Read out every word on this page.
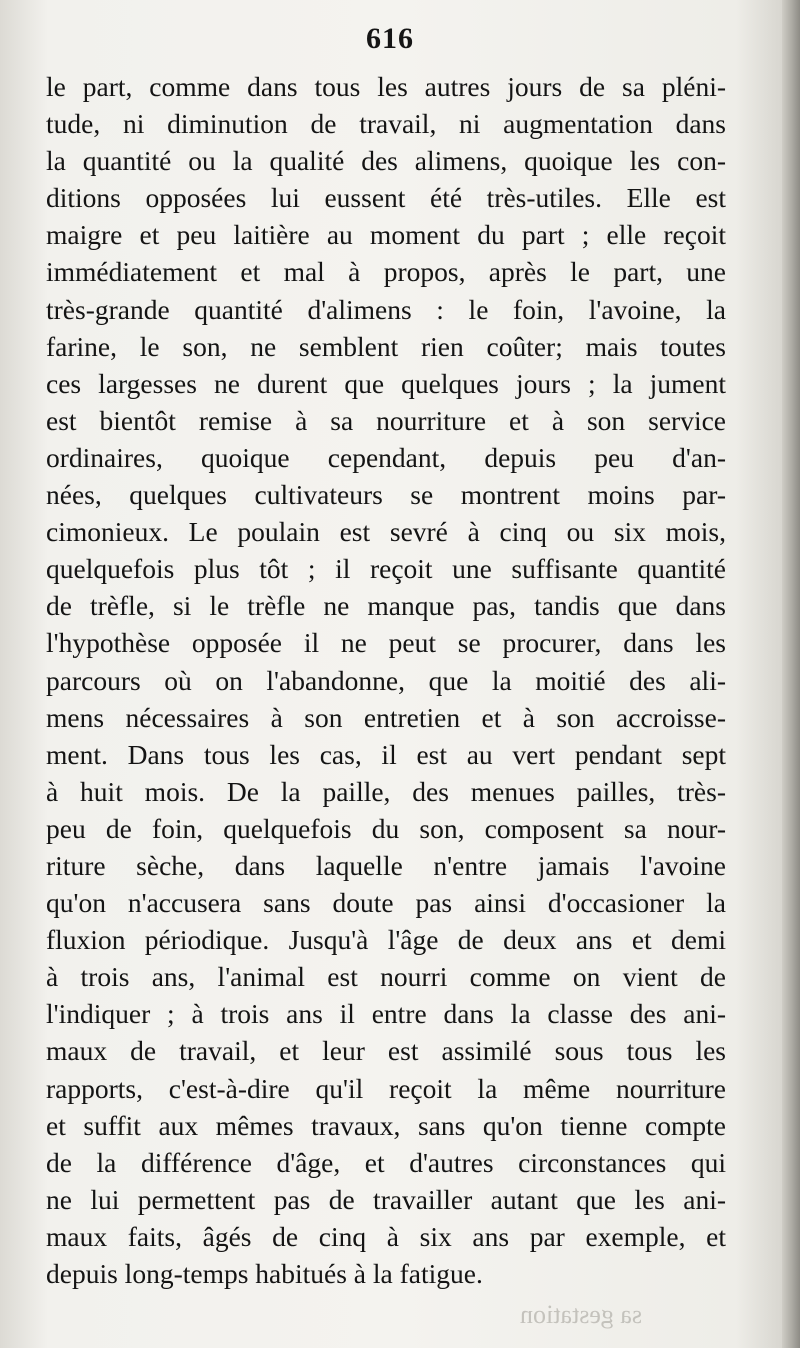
616
le part, comme dans tous les autres jours de sa pléni-
tude, ni diminution de travail, ni augmentation dans
la quantité ou la qualité des alimens, quoique les con-
ditions opposées lui eussent été très-utiles. Elle est
maigre et peu laitière au moment du part ; elle reçoit
immédiatement et mal à propos, après le part, une
très-grande quantité d'alimens : le foin, l'avoine, la
farine, le son, ne semblent rien coûter; mais toutes
ces largesses ne durent que quelques jours ; la jument
est bientôt remise à sa nourriture et à son service
ordinaires, quoique cependant, depuis peu d'an-
nées, quelques cultivateurs se montrent moins par-
cimonieux. Le poulain est sevré à cinq ou six mois,
quelquefois plus tôt ; il reçoit une suffisante quantité
de trèfle, si le trèfle ne manque pas, tandis que dans
l'hypothèse opposée il ne peut se procurer, dans les
parcours où on l'abandonne, que la moitié des ali-
mens nécessaires à son entretien et à son accroisse-
ment. Dans tous les cas, il est au vert pendant sept
à huit mois. De la paille, des menues pailles, très-
peu de foin, quelquefois du son, composent sa nour-
riture sèche, dans laquelle n'entre jamais l'avoine
qu'on n'accusera sans doute pas ainsi d'occasioner la
fluxion périodique. Jusqu'à l'âge de deux ans et demi
à trois ans, l'animal est nourri comme on vient de
l'indiquer ; à trois ans il entre dans la classe des ani-
maux de travail, et leur est assimilé sous tous les
rapports, c'est-à-dire qu'il reçoit la même nourriture
et suffit aux mêmes travaux, sans qu'on tienne compte
de la différence d'âge, et d'autres circonstances qui
ne lui permettent pas de travailler autant que les ani-
maux faits, âgés de cinq à six ans par exemple, et
depuis long-temps habitués à la fatigue.
sa gestation
